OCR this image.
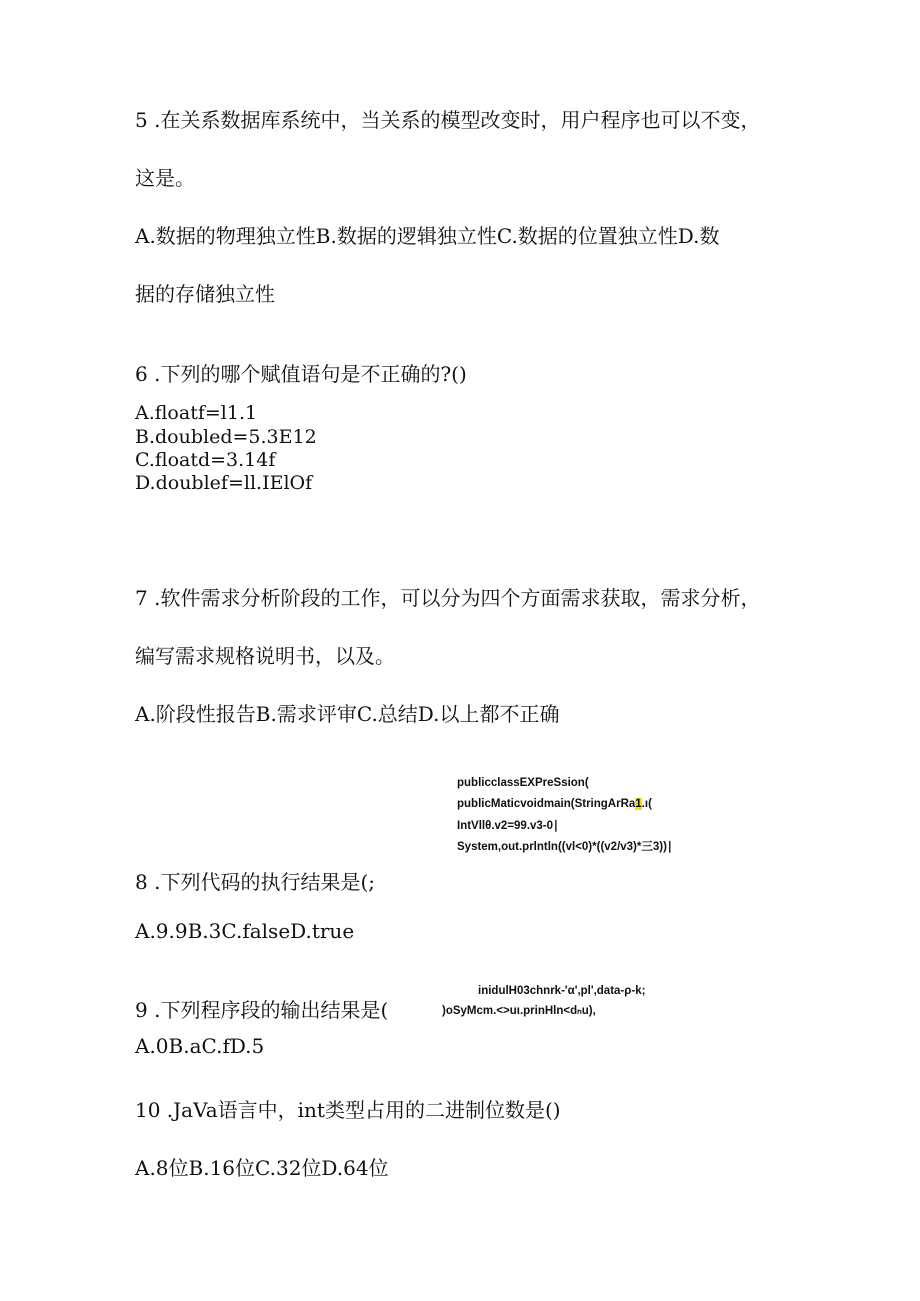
5 .在关系数据库系统中，当关系的模型改变时，用户程序也可以不变，
这是。
A.数据的物理独立性B.数据的逻辑独立性C.数据的位置独立性D.数
据的存储独立性
6 .下列的哪个赋值语句是不正确的?()
A.floatf=l1.1
B.doubled=5.3E12
C.floatd=3.14f
D.doublef=ll.IElOf
7 .软件需求分析阶段的工作，可以分为四个方面需求获取，需求分析，
编写需求规格说明书，以及。
A.阶段性报告B.需求评审C.总结D.以上都不正确
publicclassEXPreSsion(
publicMaticvoidmain(StringArRa1.ı(
IntVllθ.v2=99.v3-0∣
System,out.prlntln((vl<0)*((v2/v3)*三3))∣
8 .下列代码的执行结果是(;
A.9.9B.3C.falseD.true
inidulH03chnrk-'α',pl',data-ρ-k;
9 .下列程序段的输出结果是(	)oSyMcm.<>uι.prinHln<dₙu),
A.0B.aC.fD.5
10 .JaVa语言中，int类型占用的二进制位数是()
A.8位B.16位C.32位D.64位
